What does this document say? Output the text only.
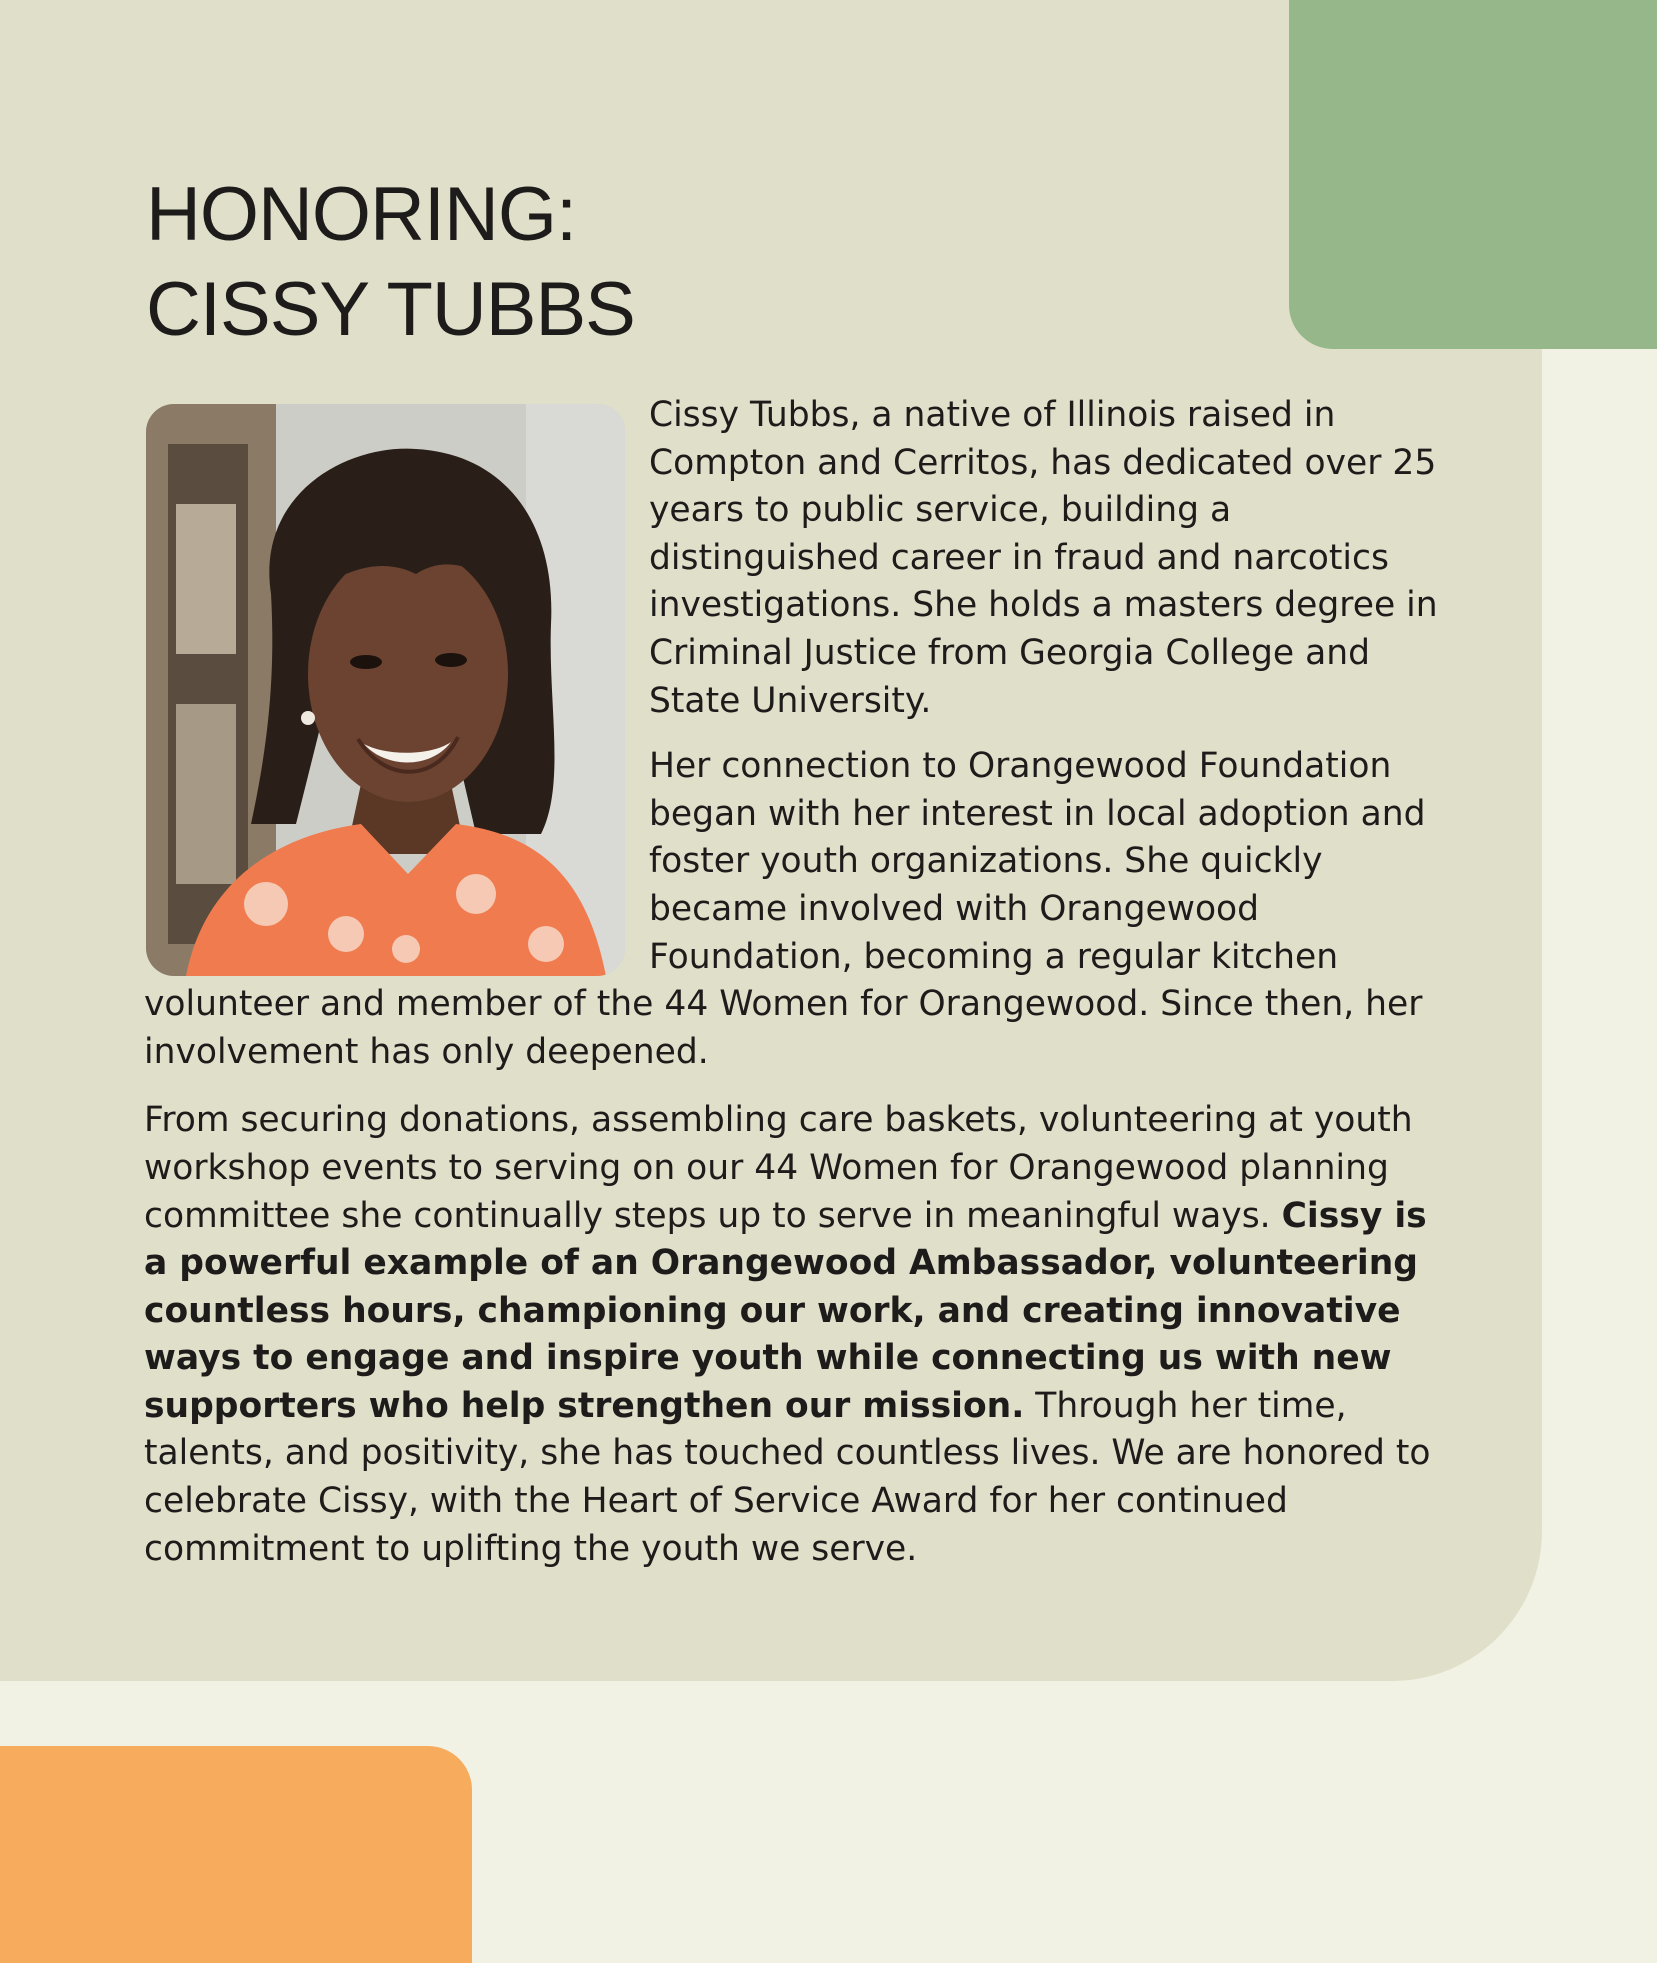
HONORING:
CISSY TUBBS

Cissy Tubbs, a native of Illinois raised in Compton and Cerritos, has dedicated over 25 years to public service, building a distinguished career in fraud and narcotics investigations. She holds a masters degree in Criminal Justice from Georgia College and State University.

Her connection to Orangewood Foundation began with her interest in local adoption and foster youth organizations. She quickly became involved with Orangewood Foundation, becoming a regular kitchen volunteer and member of the 44 Women for Orangewood. Since then, her involvement has only deepened.

From securing donations, assembling care baskets, volunteering at youth workshop events to serving on our 44 Women for Orangewood planning committee she continually steps up to serve in meaningful ways. Cissy is a powerful example of an Orangewood Ambassador, volunteering countless hours, championing our work, and creating innovative ways to engage and inspire youth while connecting us with new supporters who help strengthen our mission. Through her time, talents, and positivity, she has touched countless lives. We are honored to celebrate Cissy, with the Heart of Service Award for her continued commitment to uplifting the youth we serve.
